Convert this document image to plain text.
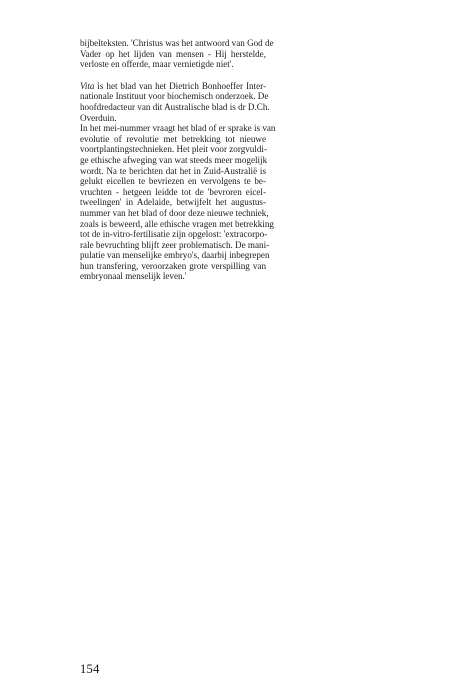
bijbelteksten. 'Christus was het antwoord van God de
Vader op het lijden van mensen - Hij herstelde,
verloste en offerde, maar vernietigde niet'.
Vita is het blad van het Dietrich Bonhoeffer Inter-
nationale Instituut voor biochemisch onderzoek. De
hoofdredacteur van dit Australische blad is dr D.Ch.
Overduin.
In het mei-nummer vraagt het blad of er sprake is van
evolutie of revolutie met betrekking tot nieuwe
voortplantingstechnieken. Het pleit voor zorgvuldi-
ge ethische afweging van wat steeds meer mogelijk
wordt. Na te berichten dat het in Zuid-Australië is
gelukt eicellen te bevriezen en vervolgens te be-
vruchten - hetgeen leidde tot de 'bevroren eicel-
tweelingen' in Adelaide, betwijfelt het augustus-
nummer van het blad of door deze nieuwe techniek,
zoals is beweerd, alle ethische vragen met betrekking
tot de in-vitro-fertilisatie zijn opgelost: 'extracorpo-
rale bevruchting blijft zeer problematisch. De mani-
pulatie van menselijke embryo's, daarbij inbegrepen
hun transfering, veroorzaken grote verspilling van
embryonaal menselijk leven.'
154
